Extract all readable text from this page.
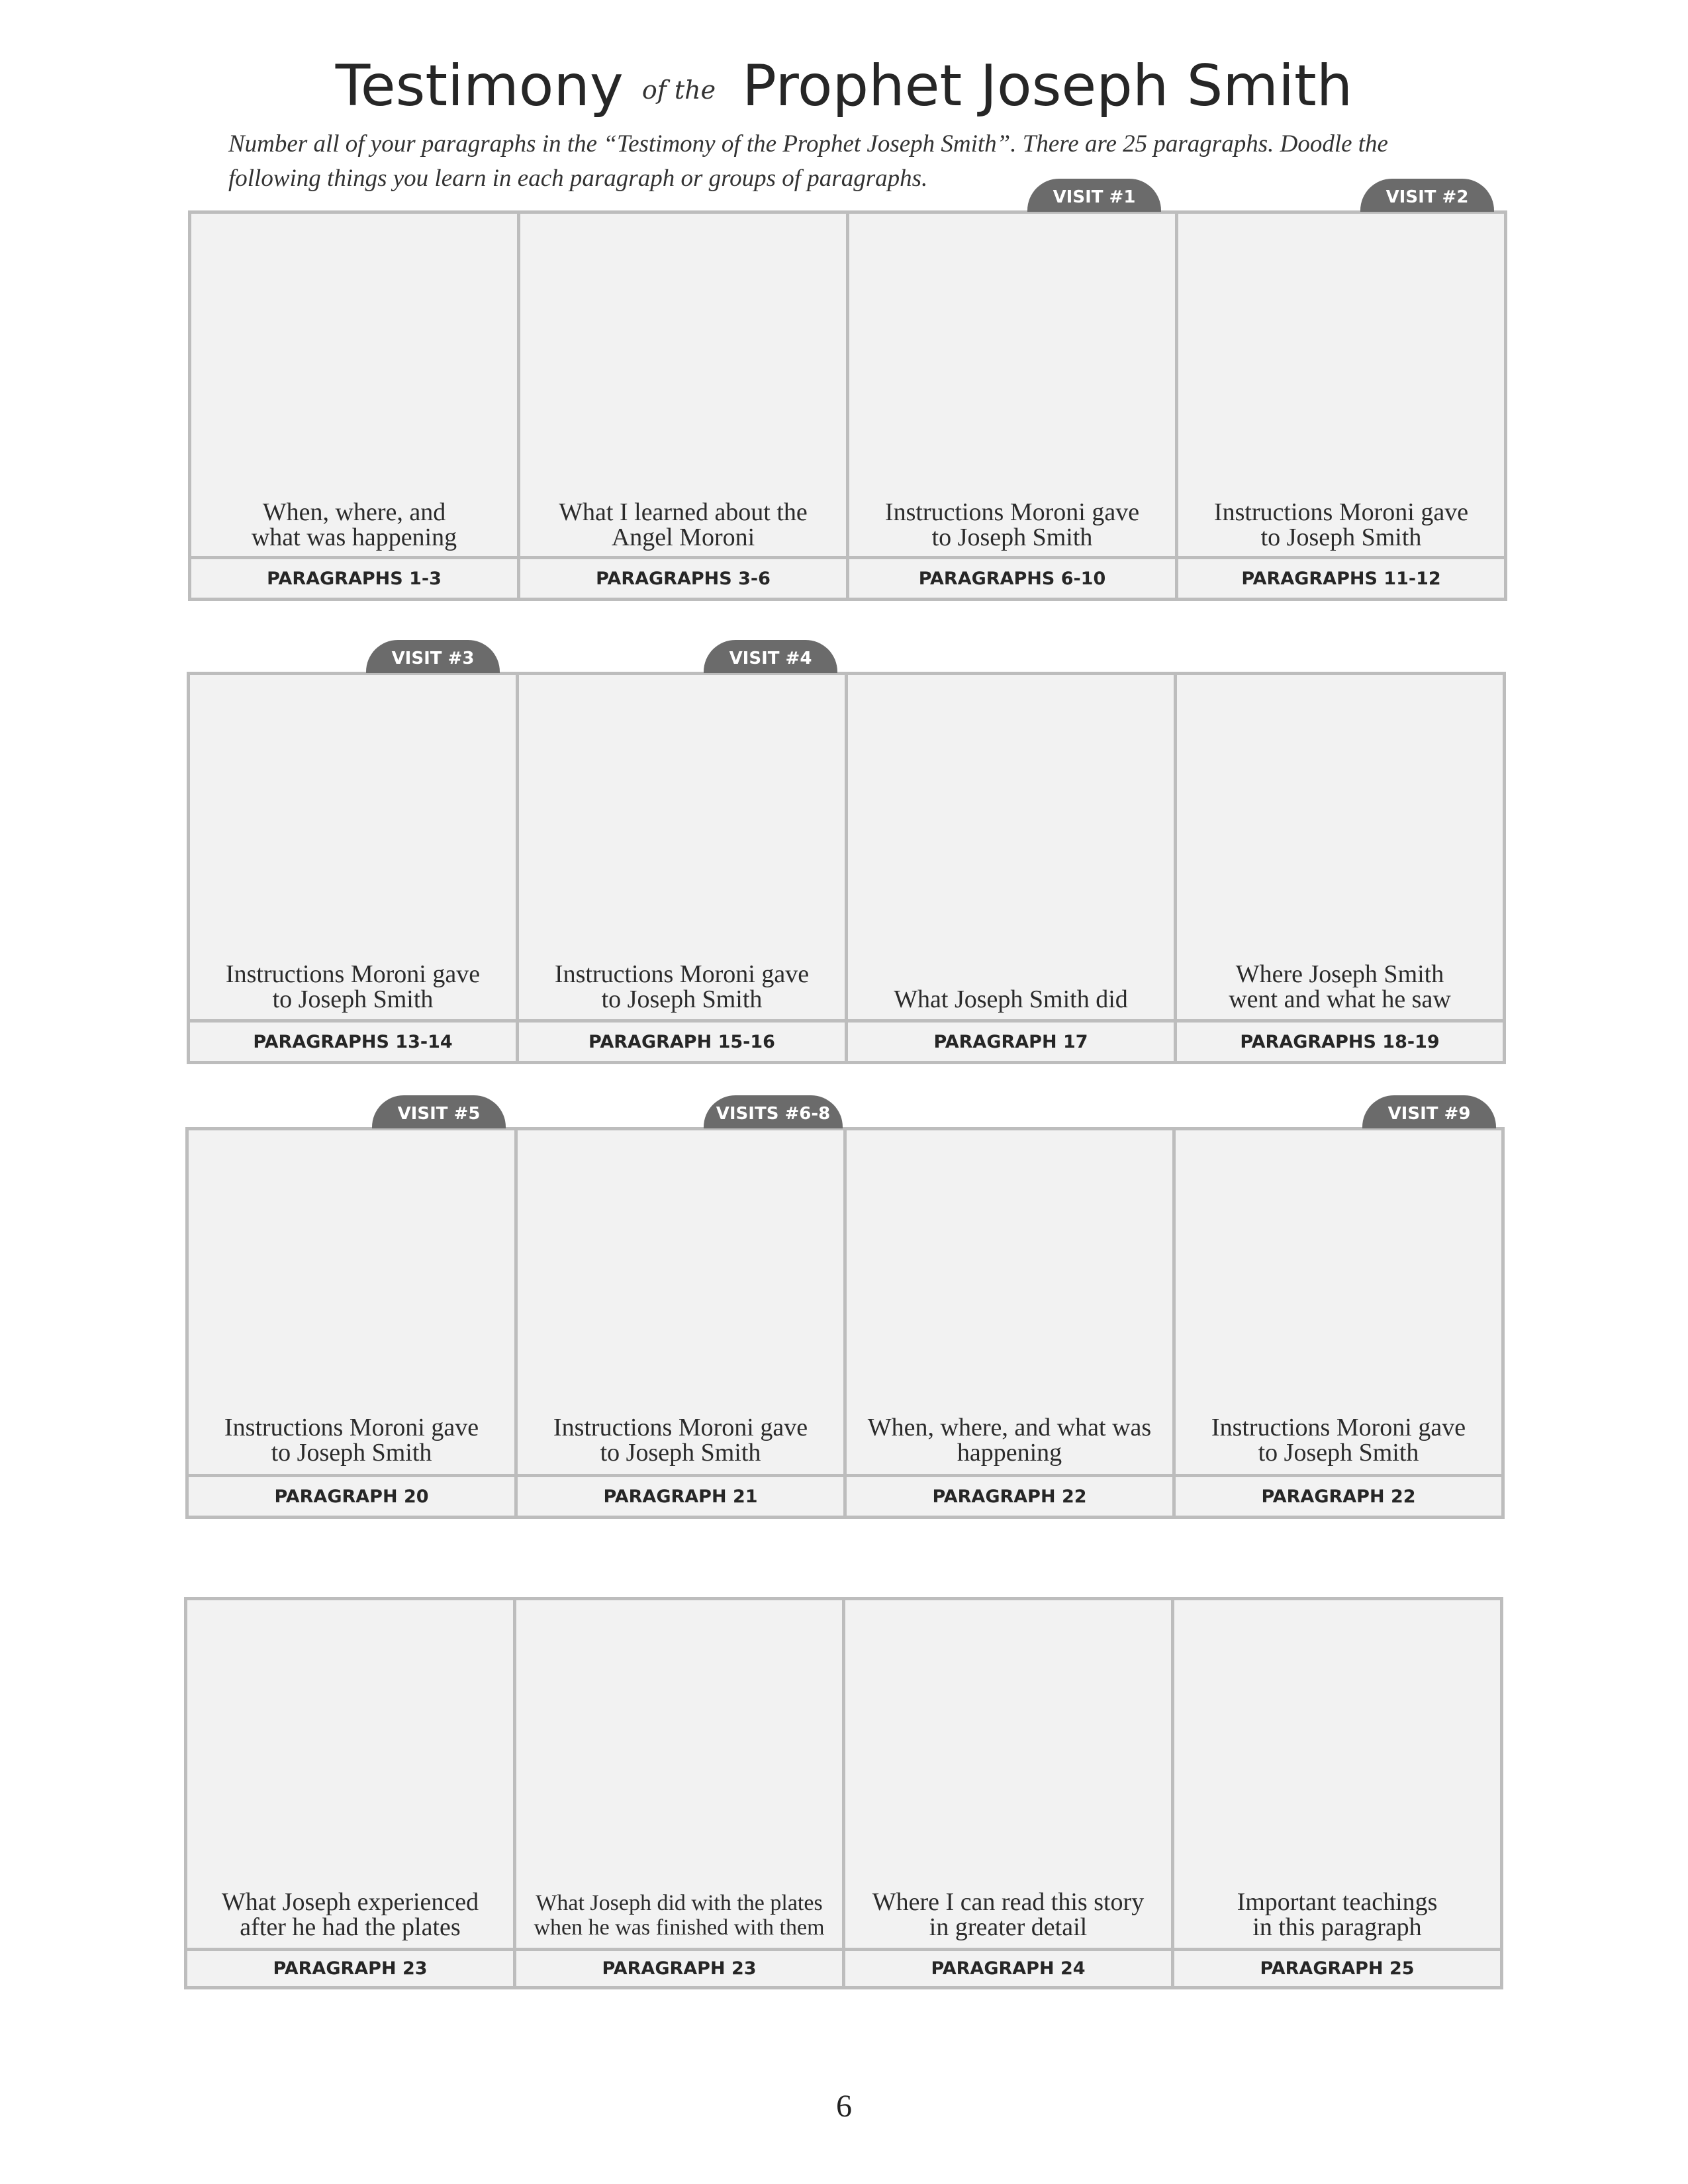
Testimony of the Prophet Joseph Smith
Number all of your paragraphs in the “Testimony of the Prophet Joseph Smith”. There are 25 paragraphs. Doodle the following things you learn in each paragraph or groups of paragraphs.
When, where, and
what was happening
PARAGRAPHS 1-3
What I learned about the
Angel Moroni
PARAGRAPHS 3-6
Instructions Moroni gave
to Joseph Smith
PARAGRAPHS 6-10
VISIT #1
Instructions Moroni gave
to Joseph Smith
PARAGRAPHS 11-12
VISIT #2
Instructions Moroni gave
to Joseph Smith
PARAGRAPHS 13-14
VISIT #3
Instructions Moroni gave
to Joseph Smith
PARAGRAPH 15-16
VISIT #4
What Joseph Smith did
PARAGRAPH 17
Where Joseph Smith
went and what he saw
PARAGRAPHS 18-19
Instructions Moroni gave
to Joseph Smith
PARAGRAPH 20
VISIT #5
Instructions Moroni gave
to Joseph Smith
PARAGRAPH 21
VISITS #6-8
When, where, and what was
happening
PARAGRAPH 22
Instructions Moroni gave
to Joseph Smith
PARAGRAPH 22
VISIT #9
What Joseph experienced
after he had the plates
PARAGRAPH 23
What Joseph did with the plates
when he was finished with them
PARAGRAPH 23
Where I can read this story
in greater detail
PARAGRAPH 24
Important teachings
in this paragraph
PARAGRAPH 25
6
